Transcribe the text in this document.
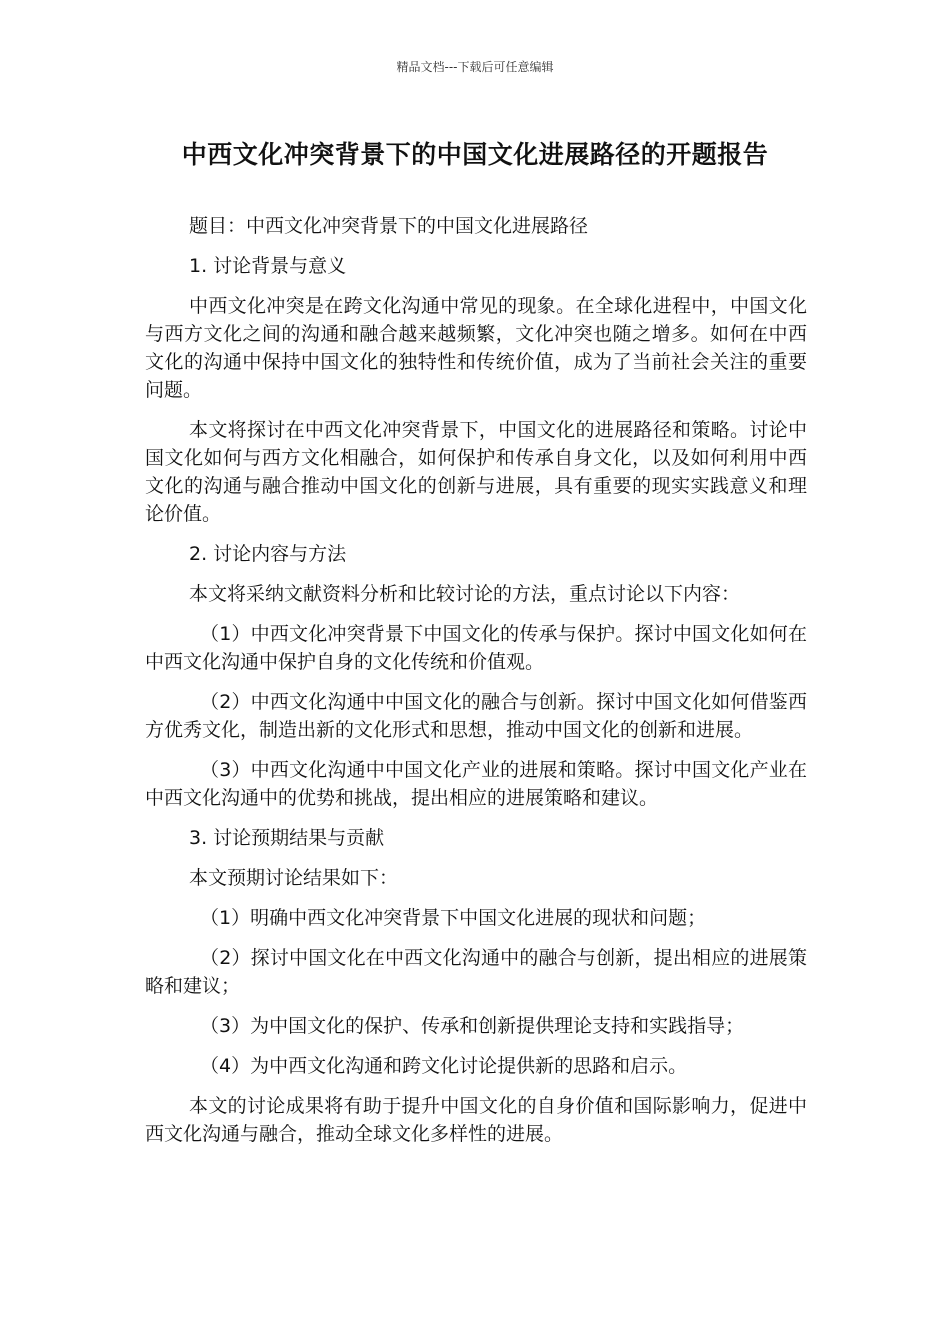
精品文档---下载后可任意编辑
中西文化冲突背景下的中国文化进展路径的开题报告

题目：中西文化冲突背景下的中国文化进展路径

1. 讨论背景与意义

中西文化冲突是在跨文化沟通中常见的现象。在全球化进程中，中国文化与西方文化之间的沟通和融合越来越频繁，文化冲突也随之增多。如何在中西文化的沟通中保持中国文化的独特性和传统价值，成为了当前社会关注的重要问题。

本文将探讨在中西文化冲突背景下，中国文化的进展路径和策略。讨论中国文化如何与西方文化相融合，如何保护和传承自身文化，以及如何利用中西文化的沟通与融合推动中国文化的创新与进展，具有重要的现实实践意义和理论价值。

2. 讨论内容与方法

本文将采纳文献资料分析和比较讨论的方法，重点讨论以下内容：

（1）中西文化冲突背景下中国文化的传承与保护。探讨中国文化如何在中西文化沟通中保护自身的文化传统和价值观。

（2）中西文化沟通中中国文化的融合与创新。探讨中国文化如何借鉴西方优秀文化，制造出新的文化形式和思想，推动中国文化的创新和进展。

（3）中西文化沟通中中国文化产业的进展和策略。探讨中国文化产业在中西文化沟通中的优势和挑战，提出相应的进展策略和建议。

3. 讨论预期结果与贡献

本文预期讨论结果如下：

（1）明确中西文化冲突背景下中国文化进展的现状和问题；

（2）探讨中国文化在中西文化沟通中的融合与创新，提出相应的进展策略和建议；

（3）为中国文化的保护、传承和创新提供理论支持和实践指导；

（4）为中西文化沟通和跨文化讨论提供新的思路和启示。

本文的讨论成果将有助于提升中国文化的自身价值和国际影响力，促进中西文化沟通与融合，推动全球文化多样性的进展。
